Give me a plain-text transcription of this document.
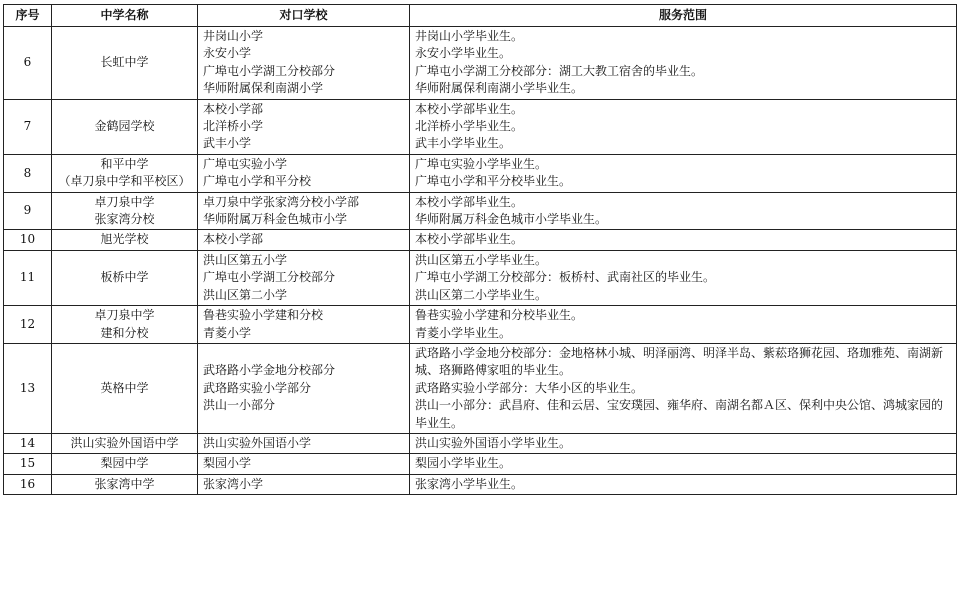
序号	中学名称	对口学校	服务范围
6	长虹中学	井岗山小学
永安小学
广埠屯小学湖工分校部分
华师附属保利南湖小学	井岗山小学毕业生。
永安小学毕业生。
广埠屯小学湖工分校部分：湖工大教工宿舍的毕业生。
华师附属保利南湖小学毕业生。

7	金鹤园学校	本校小学部
北洋桥小学
武丰小学	本校小学部毕业生。
北洋桥小学毕业生。
武丰小学毕业生。

8	和平中学
（卓刀泉中学和平校区）	广埠屯实验小学
广埠屯小学和平分校	广埠屯实验小学毕业生。
广埠屯小学和平分校毕业生。

9	卓刀泉中学
张家湾分校	卓刀泉中学张家湾分校小学部
华师附属万科金色城市小学	本校小学部毕业生。
华师附属万科金色城市小学毕业生。

10	旭光学校	本校小学部	本校小学部毕业生。

11	板桥中学	洪山区第五小学
广埠屯小学湖工分校部分
洪山区第二小学	洪山区第五小学毕业生。
广埠屯小学湖工分校部分：板桥村、武南社区的毕业生。
洪山区第二小学毕业生。

12	卓刀泉中学
建和分校	鲁巷实验小学建和分校
青菱小学	鲁巷实验小学建和分校毕业生。
青菱小学毕业生。

13	英格中学	武珞路小学金地分校部分
武珞路实验小学部分
洪山一小部分	武珞路小学金地分校部分：金地格林小城、明泽丽湾、明泽半岛、紫菘珞狮花园、珞珈雅苑、南湖新城、珞狮路傅家咀的毕业生。
武珞路实验小学部分：大华小区的毕业生。
洪山一小部分：武昌府、佳和云居、宝安璞园、雍华府、南湖名都Ａ区、保利中央公馆、鸿城家园的毕业生。

14	洪山实验外国语中学	洪山实验外国语小学	洪山实验外国语小学毕业生。

15	梨园中学	梨园小学	梨园小学毕业生。

16	张家湾中学	张家湾小学	张家湾小学毕业生。
